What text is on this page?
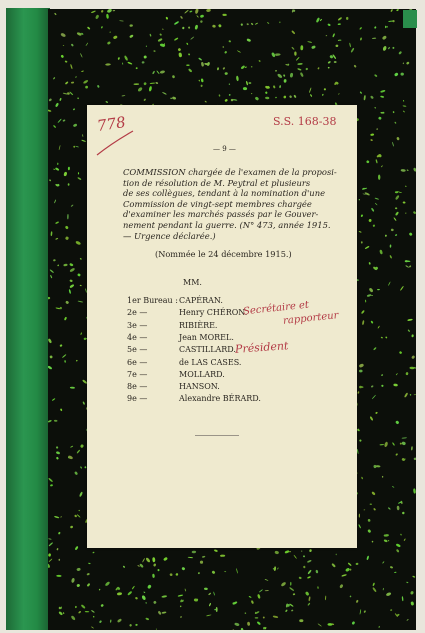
778	S.S. 168-38
— 9 —
COMMISSION chargée de l'examen de la proposi-
tion de résolution de M. Peytral et plusieurs
de ses collègues, tendant à la nomination d'une
Commission de vingt-sept membres chargée
d'examiner les marchés passés par le Gouver-
nement pendant la guerre. (N° 473, année 1915.
— Urgence déclarée.)
(Nommée le 24 décembre 1915.)
MM.
1er Bureau : CAPÉRAN.
2e —	Henry CHÉRON.
3e —	RIBIÈRE.
4e —	Jean MOREL.
5e —	CASTILLARD.
6e —	de LAS CASES.
7e —	MOLLARD.
8e —	HANSON.
9e —	Alexandre BÉRARD.
Secrétaire et
rapporteur
Président
